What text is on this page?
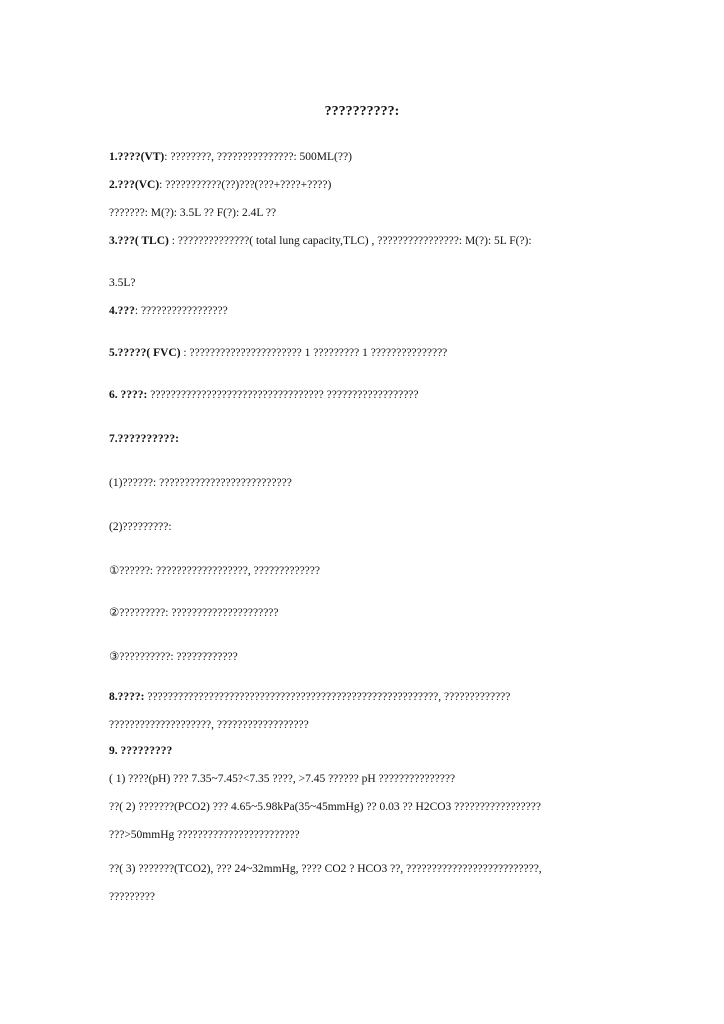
??????????:
1.????(VT): ????????, ???????????????: 500ML(??)
2.???(VC): ???????????(??)???(???+????+????)
???????: M(?): 3.5L ?? F(?): 2.4L ??
3.???( TLC) : ??????????????( total lung capacity,TLC) , ????????????????: M(?): 5L F(?):
3.5L?
4.???: ?????????????????
5.?????( FVC) : ?????????????????????? 1 ????????? 1 ???????????????
6. ????: ?????????????????????????????????? ??????????????????
7.??????????:
(1)??????: ??????????????????????????
(2)?????????:
①??????: ??????????????????, ?????????????
②?????????: ?????????????????????
③??????????: ????????????
8.????: ?????????????????????????????????????????????????????????, ?????????????
????????????????????, ??????????????????
9. ?????????
( 1) ????(pH) ??? 7.35~7.45?<7.35 ????, >7.45 ?????? pH ???????????????
??( 2) ???????(PCO2) ??? 4.65~5.98kPa(35~45mmHg) ?? 0.03 ?? H2CO3 ?????????????????
???>50mmHg ????????????????????????
??( 3) ???????(TCO2), ??? 24~32mmHg, ???? CO2 ? HCO3 ??, ??????????????????????????,
?????????
